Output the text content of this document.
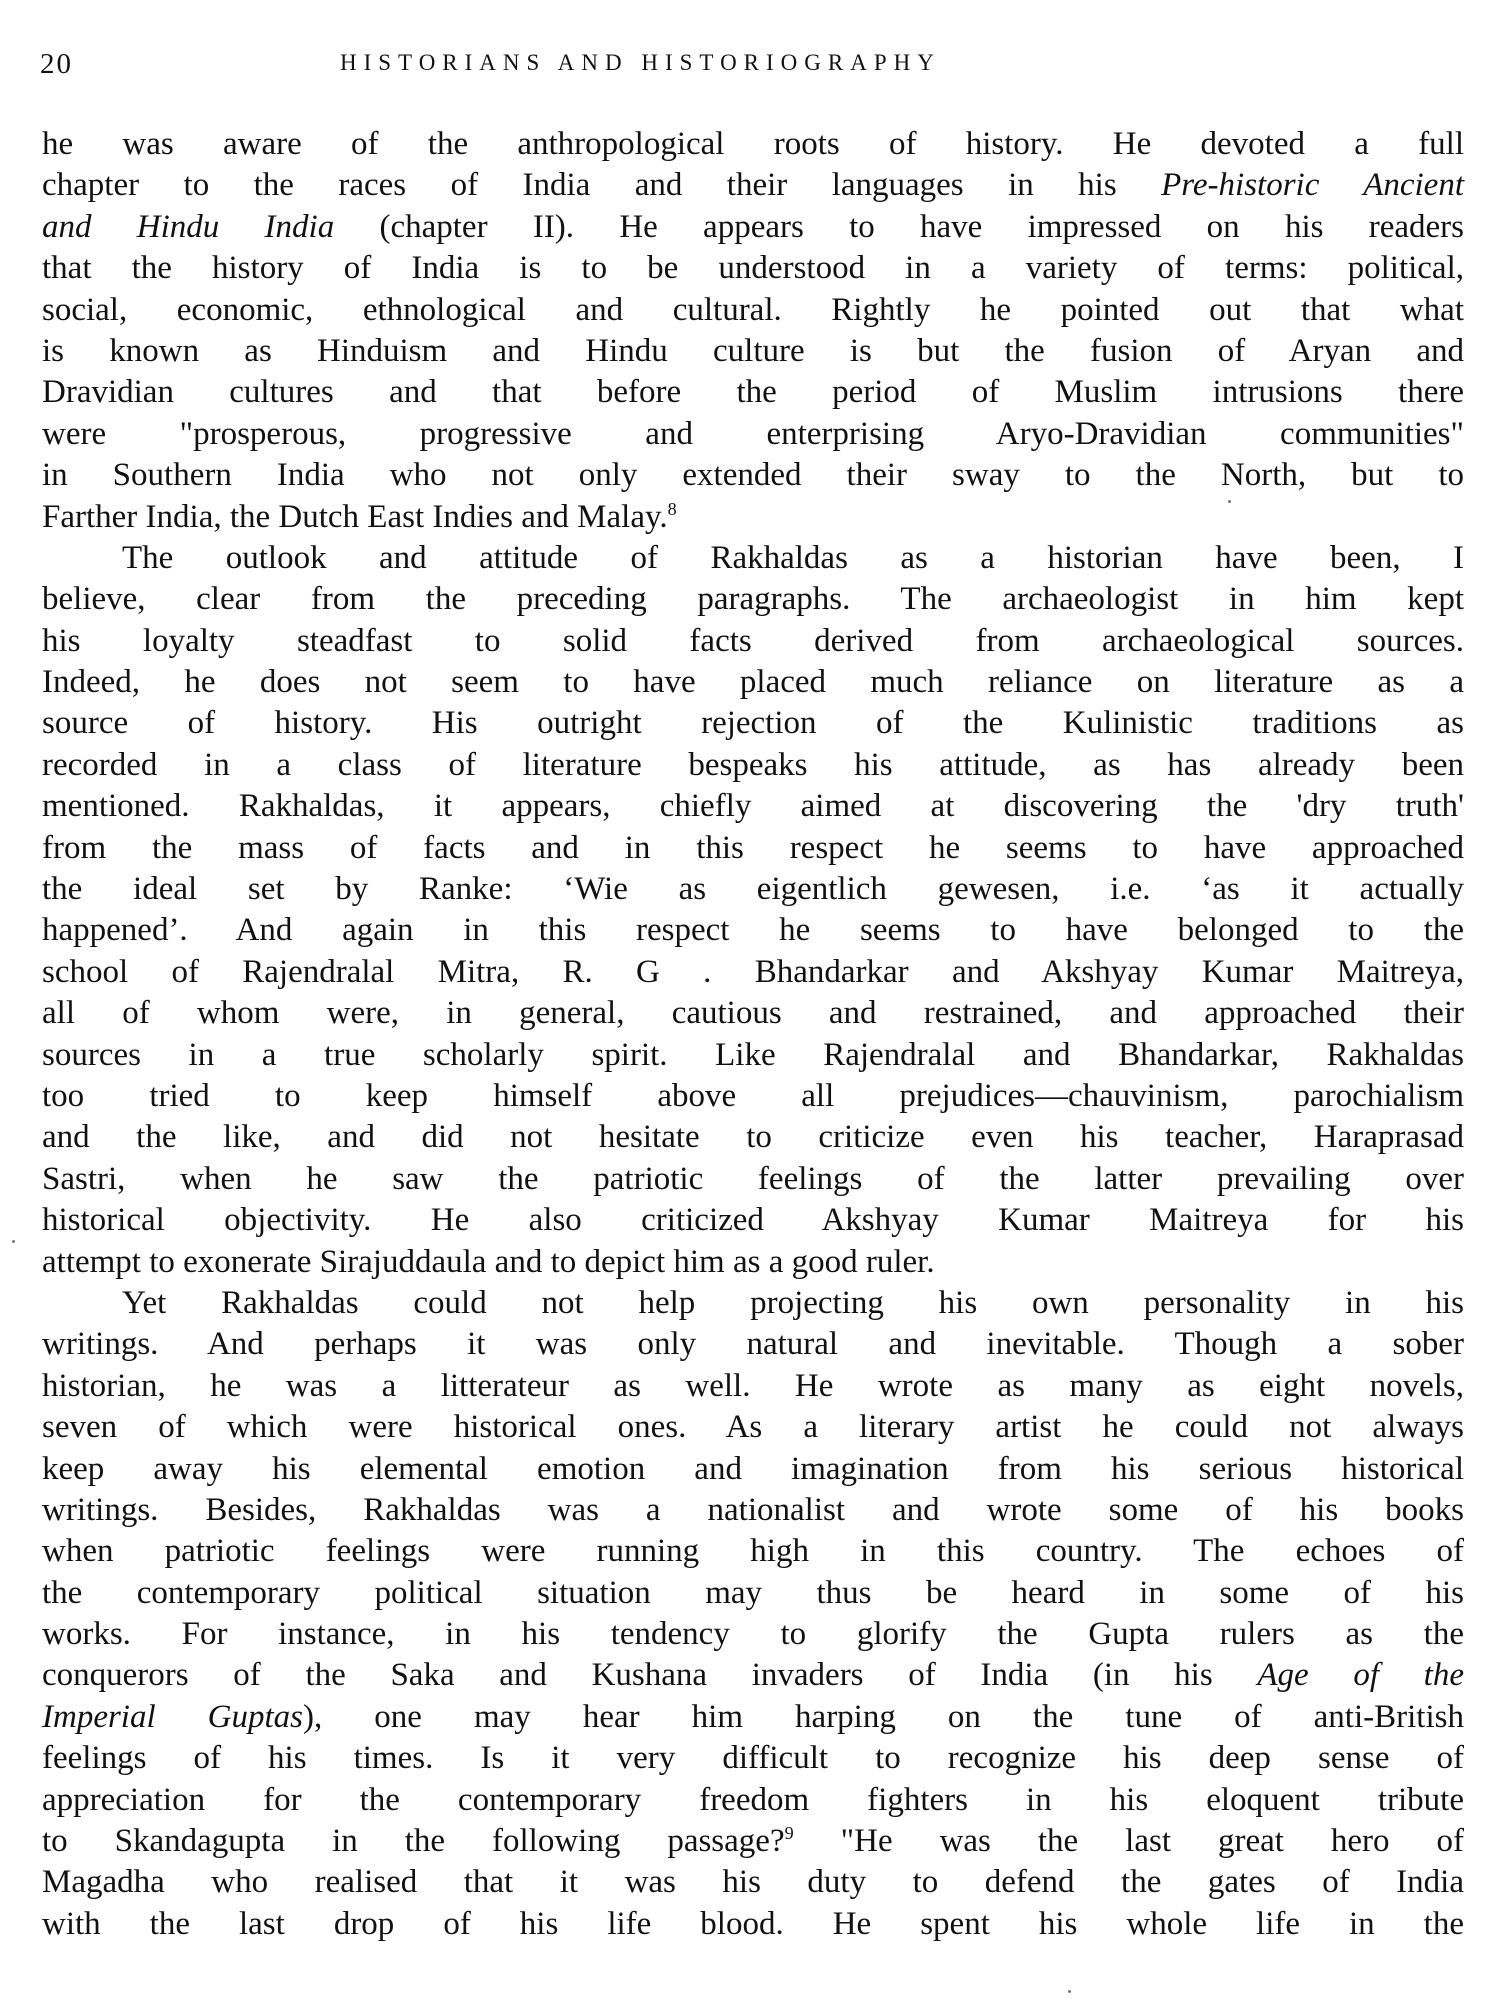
20	HISTORIANS AND HISTORIOGRAPHY
he was aware of the anthropological roots of history. He devoted a full
chapter to the races of India and their languages in his Pre-historic Ancient
and Hindu India (chapter II). He appears to have impressed on his readers
that the history of India is to be understood in a variety of terms: political,
social, economic, ethnological and cultural. Rightly he pointed out that what
is known as Hinduism and Hindu culture is but the fusion of Aryan and
Dravidian cultures and that before the period of Muslim intrusions there
were "prosperous, progressive and enterprising Aryo-Dravidian communities"
in Southern India who not only extended their sway to the North, but to
Farther India, the Dutch East Indies and Malay.$^8$
The outlook and attitude of Rakhaldas as a historian have been, I
believe, clear from the preceding paragraphs. The archaeologist in him kept
his loyalty steadfast to solid facts derived from archaeological sources.
Indeed, he does not seem to have placed much reliance on literature as a
source of history. His outright rejection of the Kulinistic traditions as
recorded in a class of literature bespeaks his attitude, as has already been
mentioned. Rakhaldas, it appears, chiefly aimed at discovering the 'dry truth'
from the mass of facts and in this respect he seems to have approached
the ideal set by Ranke: ‘Wie as eigentlich gewesen, i.e. ‘as it actually
happened’. And again in this respect he seems to have belonged to the
school of Rajendralal Mitra, R. G . Bhandarkar and Akshyay Kumar Maitreya,
all of whom were, in general, cautious and restrained, and approached their
sources in a true scholarly spirit. Like Rajendralal and Bhandarkar, Rakhaldas
too tried to keep himself above all prejudices—chauvinism, parochialism
and the like, and did not hesitate to criticize even his teacher, Haraprasad
Sastri, when he saw the patriotic feelings of the latter prevailing over
historical objectivity. He also criticized Akshyay Kumar Maitreya for his
attempt to exonerate Sirajuddaula and to depict him as a good ruler.
Yet Rakhaldas could not help projecting his own personality in his
writings. And perhaps it was only natural and inevitable. Though a sober
historian, he was a litterateur as well. He wrote as many as eight novels,
seven of which were historical ones. As a literary artist he could not always
keep away his elemental emotion and imagination from his serious historical
writings. Besides, Rakhaldas was a nationalist and wrote some of his books
when patriotic feelings were running high in this country. The echoes of
the contemporary political situation may thus be heard in some of his
works. For instance, in his tendency to glorify the Gupta rulers as the
conquerors of the Saka and Kushana invaders of India (in his Age of the
Imperial Guptas), one may hear him harping on the tune of anti-British
feelings of his times. Is it very difficult to recognize his deep sense of
appreciation for the contemporary freedom fighters in his eloquent tribute
to Skandagupta in the following passage?$^9$ "He was the last great hero of
Magadha who realised that it was his duty to defend the gates of India
with the last drop of his life blood. He spent his whole life in the
